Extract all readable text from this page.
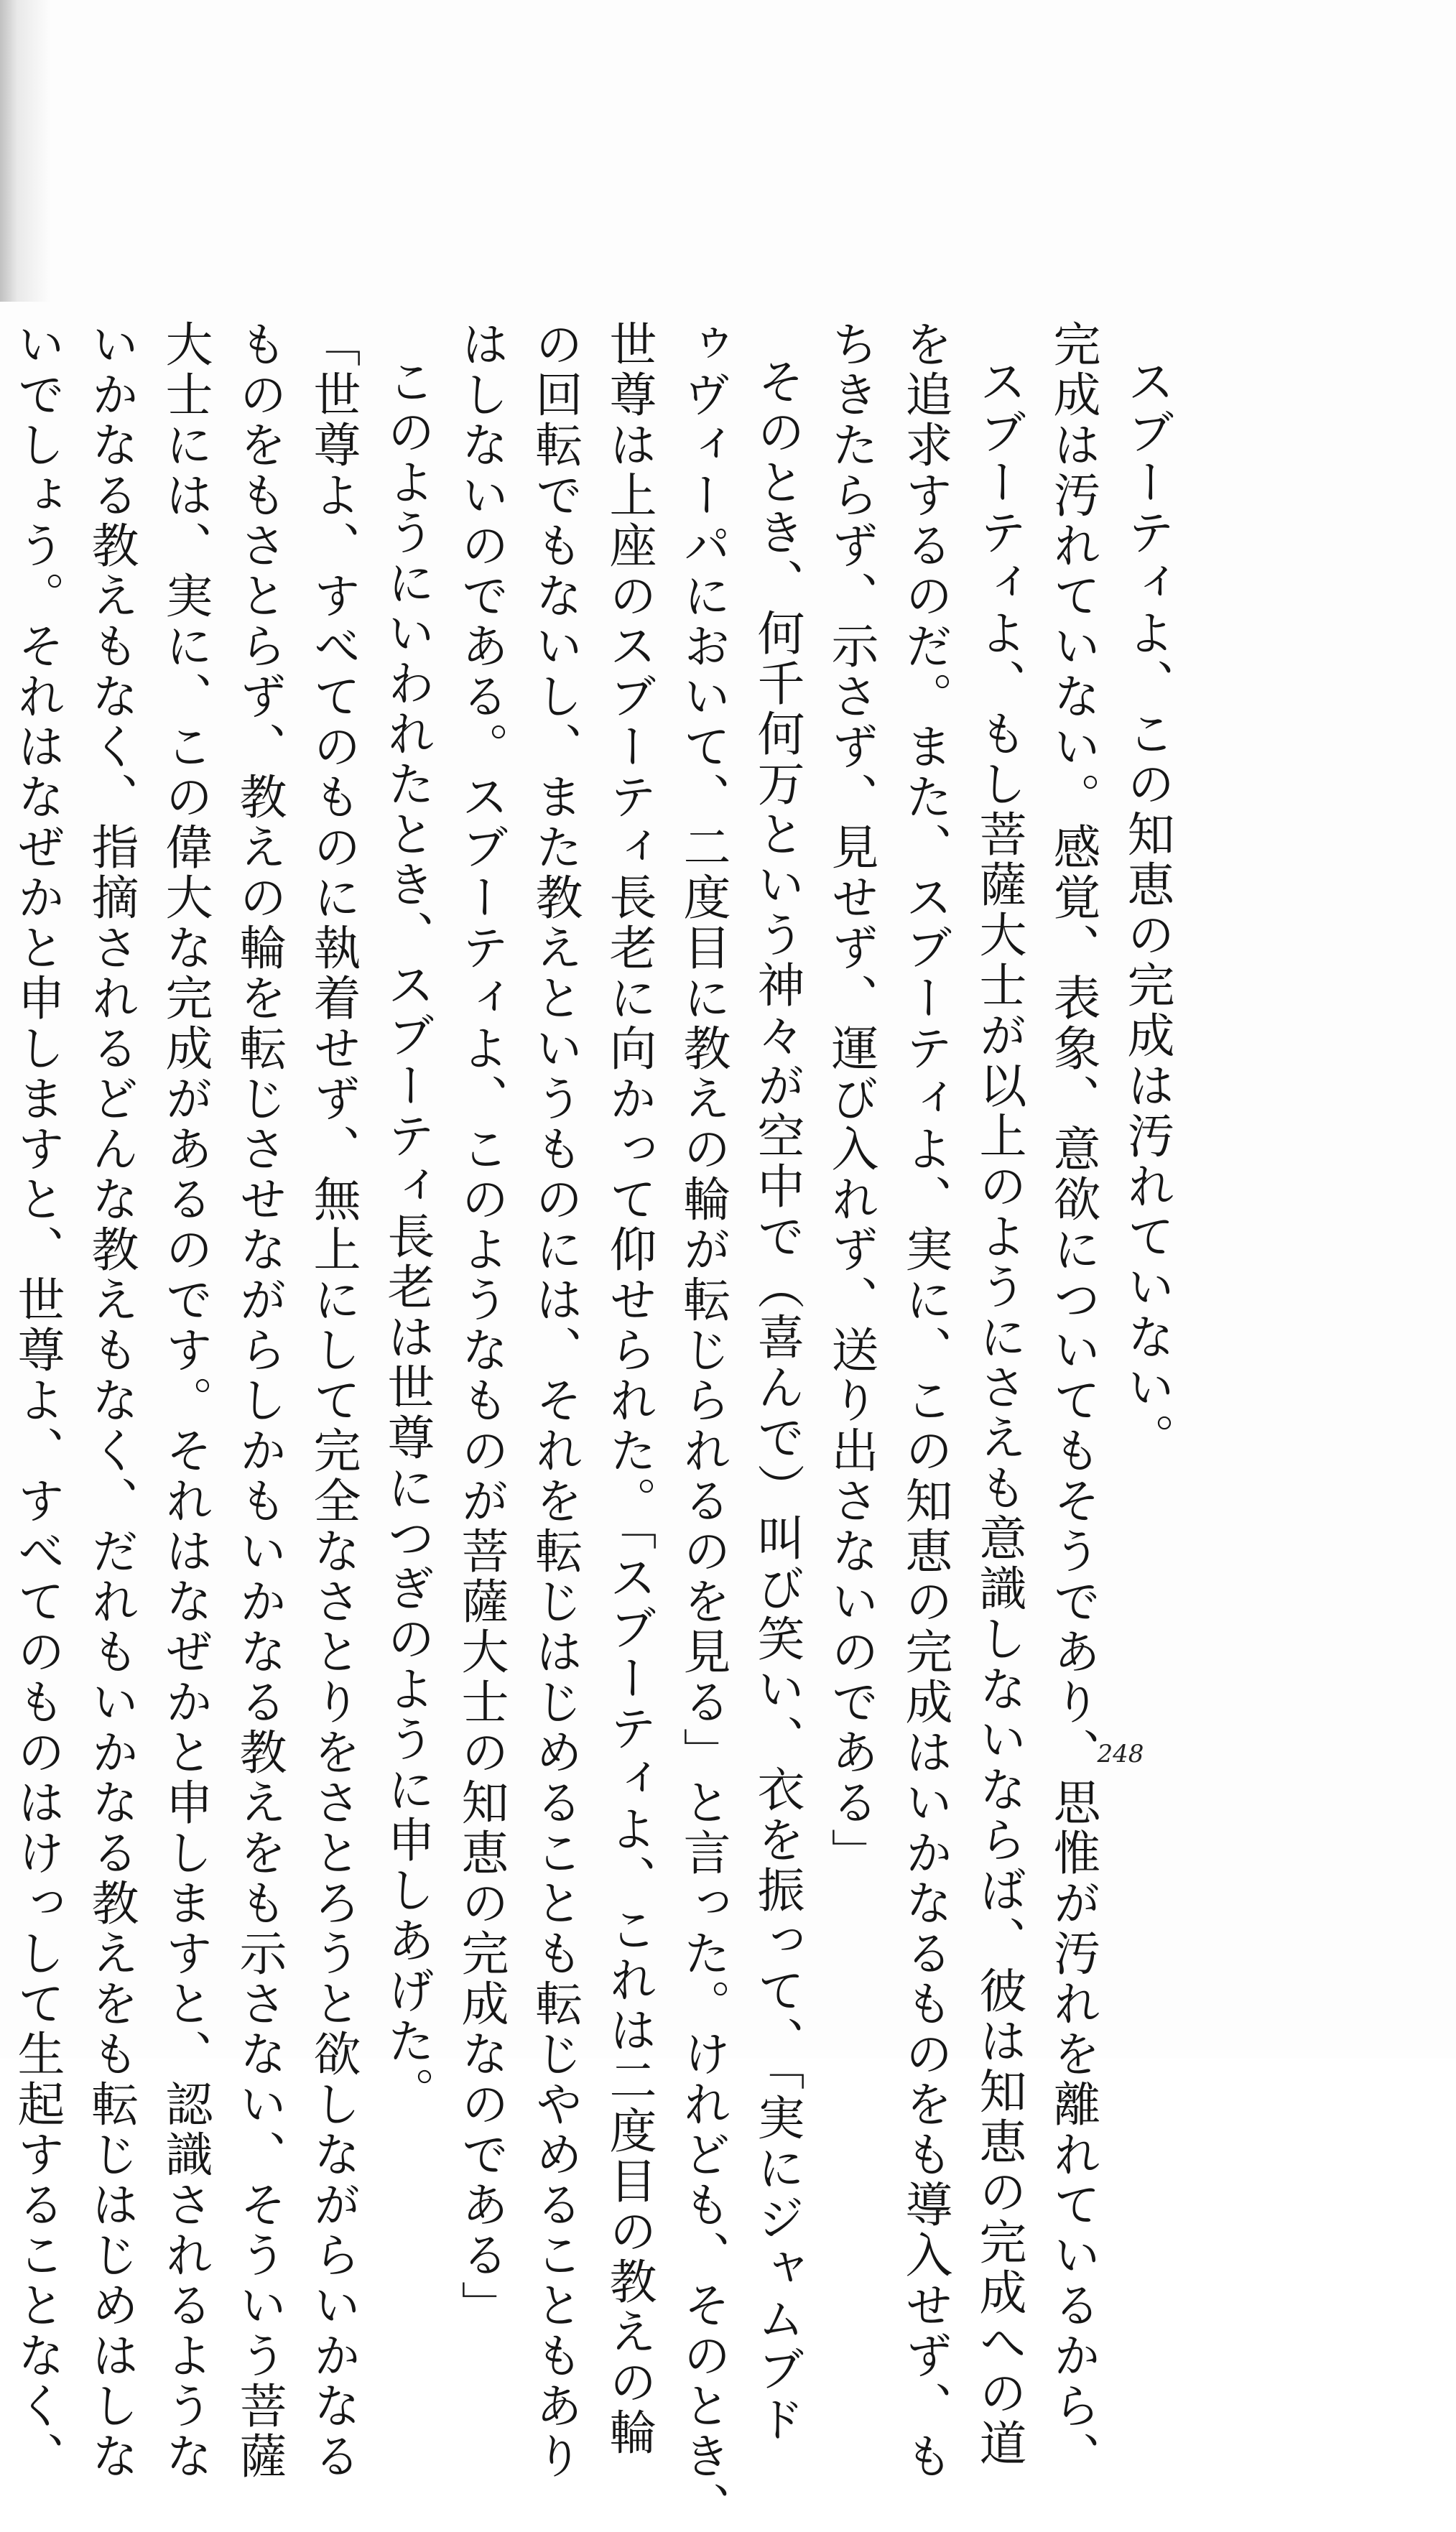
スブーティよ、この知恵の完成は汚れていない。

完成は汚れていない。感覚、表象、意欲についてもそうであり、思惟が汚れを離れているから、

スブーティよ、もし菩薩大士が以上のようにさえも意識しないならば、彼は知恵の完成への道

を追求するのだ。また、スブーティよ、実に、この知恵の完成はいかなるものをも導入せず、も

ちきたらず、示さず、見せず、運び入れず、送り出さないのである」

そのとき、何千何万という神々が空中で（喜んで）叫び笑い、衣を振って、「実にジャムブド

ゥヴィーパにおいて、二度目に教えの輪が転じられるのを見る」と言った。けれども、そのとき、

世尊は上座のスブーティ長老に向かって仰せられた。「スブーティよ、これは二度目の教えの輪

の回転でもないし、また教えというものには、それを転じはじめることも転じやめることもあり

はしないのである。スブーティよ、このようなものが菩薩大士の知恵の完成なのである」

このようにいわれたとき、スブーティ長老は世尊につぎのように申しあげた。

「世尊よ、すべてのものに執着せず、無上にして完全なさとりをさとろうと欲しながらいかなる

ものをもさとらず、教えの輪を転じさせながらしかもいかなる教えをも示さない、そういう菩薩

大士には、実に、この偉大な完成があるのです。それはなぜかと申しますと、認識されるような

いかなる教えもなく、指摘されるどんな教えもなく、だれもいかなる教えをも転じはじめはしな

いでしょう。それはなぜかと申しますと、世尊よ、すべてのものはけっして生起することなく、	248
